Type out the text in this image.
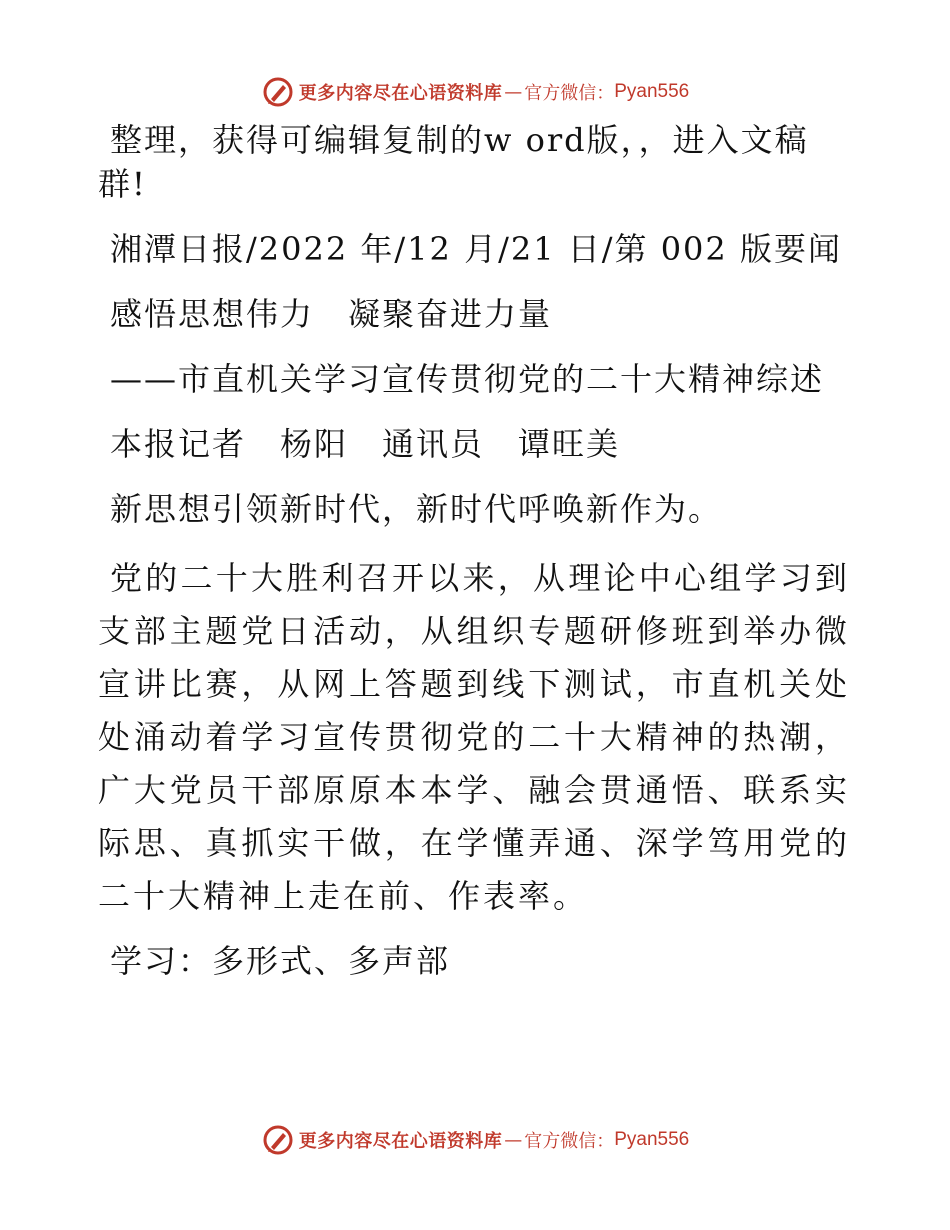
更多内容尽在心语资料库 — 官方微信： Pyan556

整理，获得可编辑复制的w ord版，，进入文稿群!

湘潭日报/2022 年/12 月/21 日/第 002 版要闻

感悟思想伟力　凝聚奋进力量

——市直机关学习宣传贯彻党的二十大精神综述

本报记者　杨阳　通讯员　谭旺美

新思想引领新时代，新时代呼唤新作为。

党的二十大胜利召开以来，从理论中心组学习到支部主题党日活动，从组织专题研修班到举办微宣讲比赛，从网上答题到线下测试，市直机关处处涌动着学习宣传贯彻党的二十大精神的热潮，广大党员干部原原本本学、融会贯通悟、联系实际思、真抓实干做，在学懂弄通、深学笃用党的二十大精神上走在前、作表率。

学习：多形式、多声部

更多内容尽在心语资料库 — 官方微信： Pyan556
